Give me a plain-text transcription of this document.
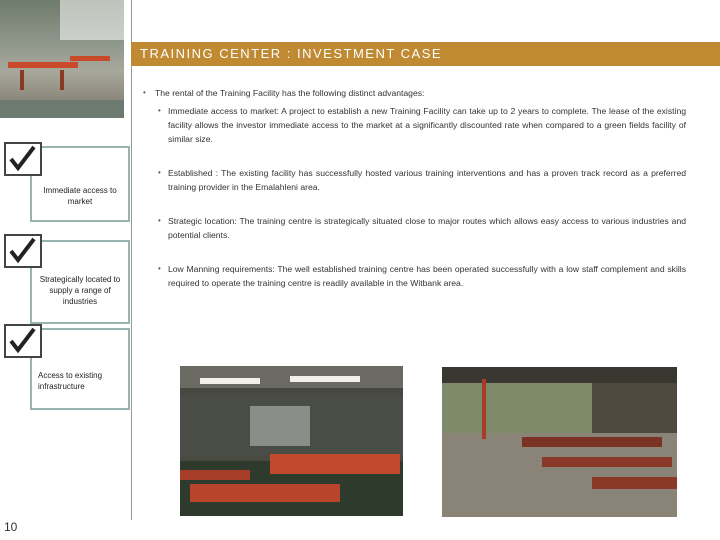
TRAINING CENTER : INVESTMENT CASE
Immediate access to market
Strategically located to supply a range of industries
Access to existing infrastructure
• The rental of the Training Facility has the following distinct advantages:
• Immediate access to market: A project to establish a new Training Facility can take up to 2 years to complete. The lease of the existing facility allows the investor immediate access to the market at a significantly discounted rate when compared to a green fields facility of similar size.
• Established : The existing facility has successfully hosted various training interventions and has a proven track record as a preferred training provider in the Emalahleni area.
• Strategic location: The training centre is strategically situated close to major routes which allows easy access to various industries and potential clients.
• Low Manning requirements: The well established training centre has been operated successfully with a low staff complement and skills required to operate the training centre is readily available in the Witbank area.
10
